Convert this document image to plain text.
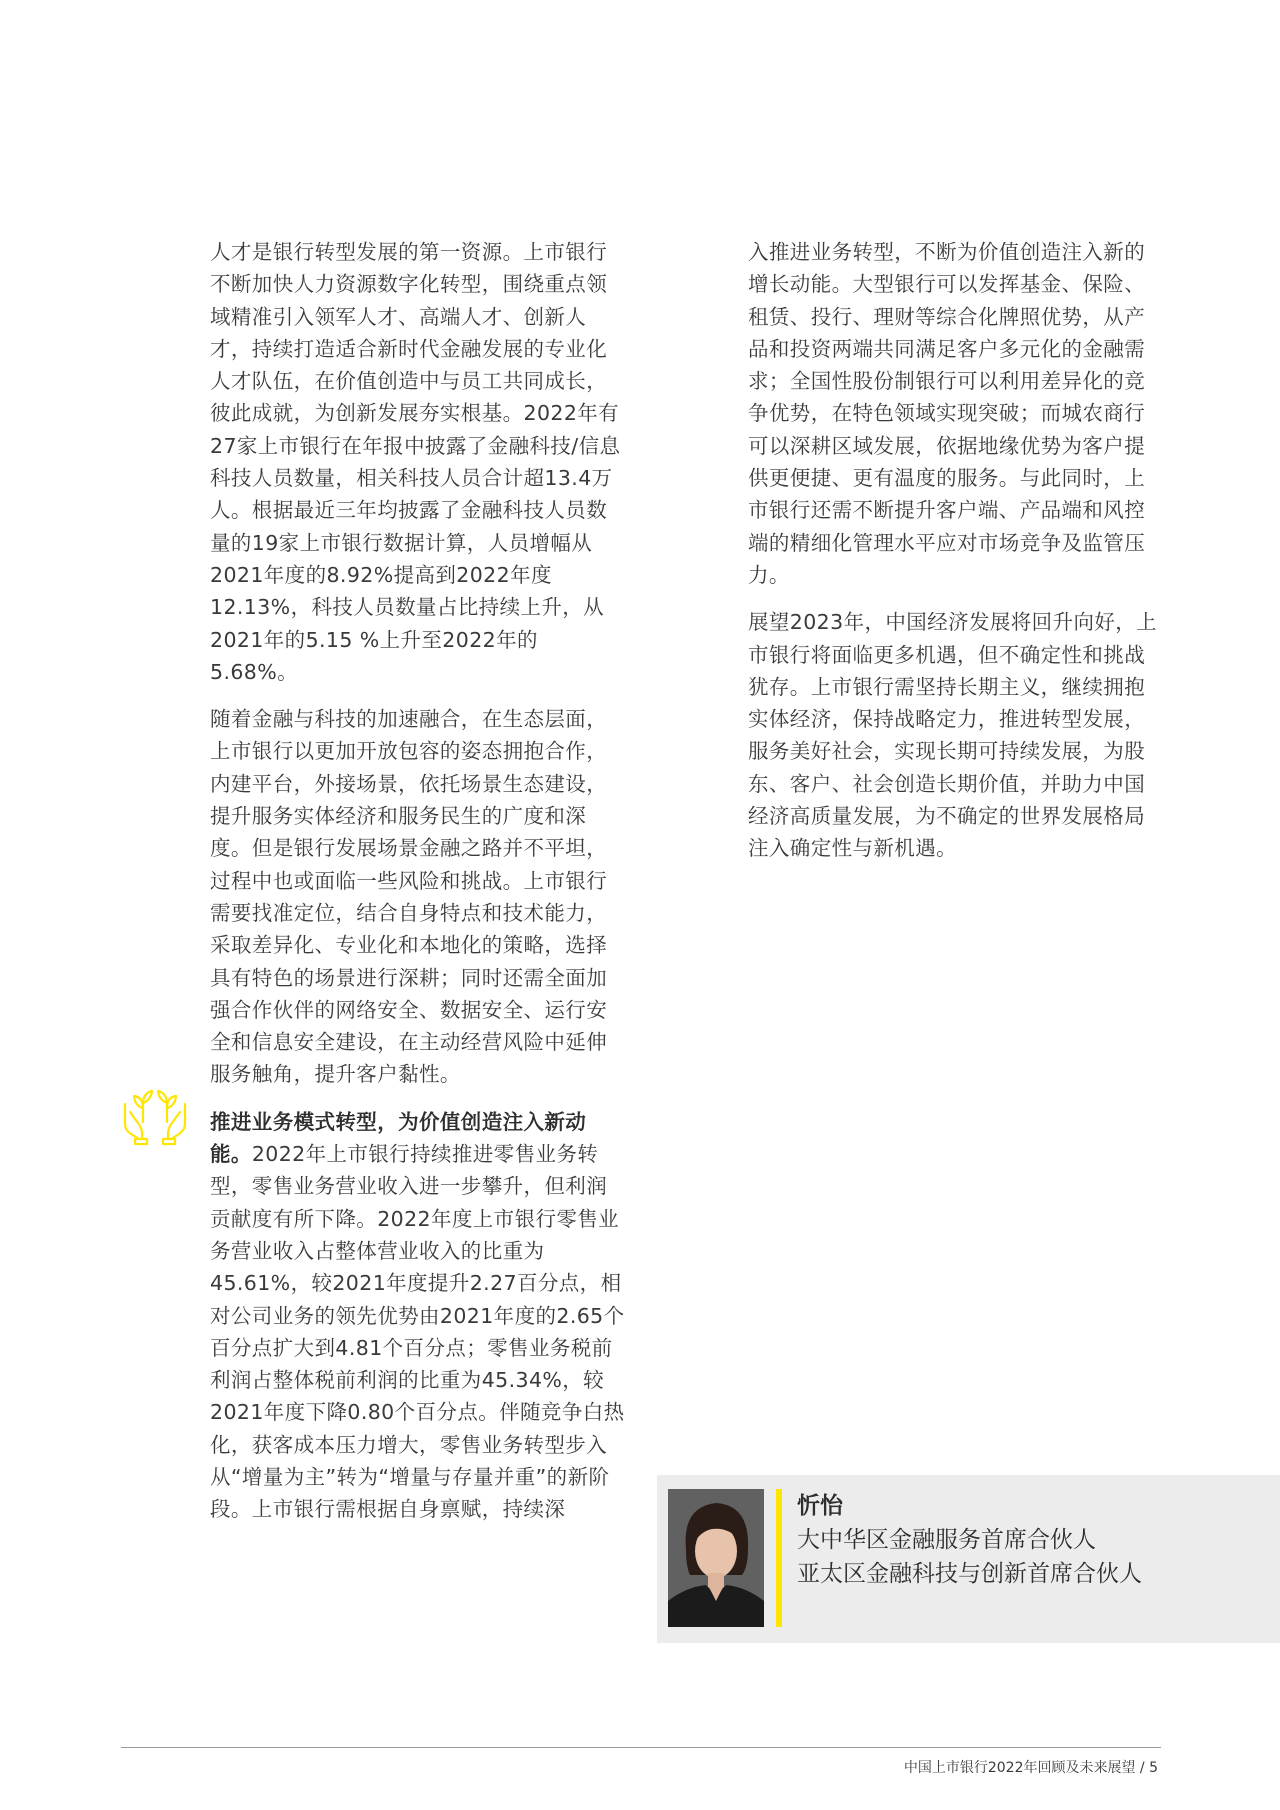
人才是银行转型发展的第一资源。上市银行不断加快人力资源数字化转型，围绕重点领域精准引入领军人才、高端人才、创新人才，持续打造适合新时代金融发展的专业化人才队伍，在价值创造中与员工共同成长，彼此成就，为创新发展夯实根基。2022年有27家上市银行在年报中披露了金融科技/信息科技人员数量，相关科技人员合计超13.4万人。根据最近三年均披露了金融科技人员数量的19家上市银行数据计算，人员增幅从2021年度的8.92%提高到2022年度12.13%，科技人员数量占比持续上升，从2021年的5.15 %上升至2022年的5.68%。

随着金融与科技的加速融合，在生态层面，上市银行以更加开放包容的姿态拥抱合作，内建平台，外接场景，依托场景生态建设，提升服务实体经济和服务民生的广度和深度。但是银行发展场景金融之路并不平坦，过程中也或面临一些风险和挑战。上市银行需要找准定位，结合自身特点和技术能力，采取差异化、专业化和本地化的策略，选择具有特色的场景进行深耕；同时还需全面加强合作伙伴的网络安全、数据安全、运行安全和信息安全建设，在主动经营风险中延伸服务触角，提升客户黏性。

推进业务模式转型，为价值创造注入新动能。2022年上市银行持续推进零售业务转型，零售业务营业收入进一步攀升，但利润贡献度有所下降。2022年度上市银行零售业务营业收入占整体营业收入的比重为45.61%，较2021年度提升2.27百分点，相对公司业务的领先优势由2021年度的2.65个百分点扩大到4.81个百分点；零售业务税前利润占整体税前利润的比重为45.34%，较2021年度下降0.80个百分点。伴随竞争白热化，获客成本压力增大，零售业务转型步入从“增量为主”转为“增量与存量并重”的新阶段。上市银行需根据自身禀赋，持续深

入推进业务转型，不断为价值创造注入新的增长动能。大型银行可以发挥基金、保险、租赁、投行、理财等综合化牌照优势，从产品和投资两端共同满足客户多元化的金融需求；全国性股份制银行可以利用差异化的竞争优势，在特色领域实现突破；而城农商行可以深耕区域发展，依据地缘优势为客户提供更便捷、更有温度的服务。与此同时，上市银行还需不断提升客户端、产品端和风控端的精细化管理水平应对市场竞争及监管压力。

展望2023年，中国经济发展将回升向好，上市银行将面临更多机遇，但不确定性和挑战犹存。上市银行需坚持长期主义，继续拥抱实体经济，保持战略定力，推进转型发展，服务美好社会，实现长期可持续发展，为股东、客户、社会创造长期价值，并助力中国经济高质量发展，为不确定的世界发展格局注入确定性与新机遇。

忻怡
大中华区金融服务首席合伙人
亚太区金融科技与创新首席合伙人
中国上市银行2022年回顾及未来展望 / 5
